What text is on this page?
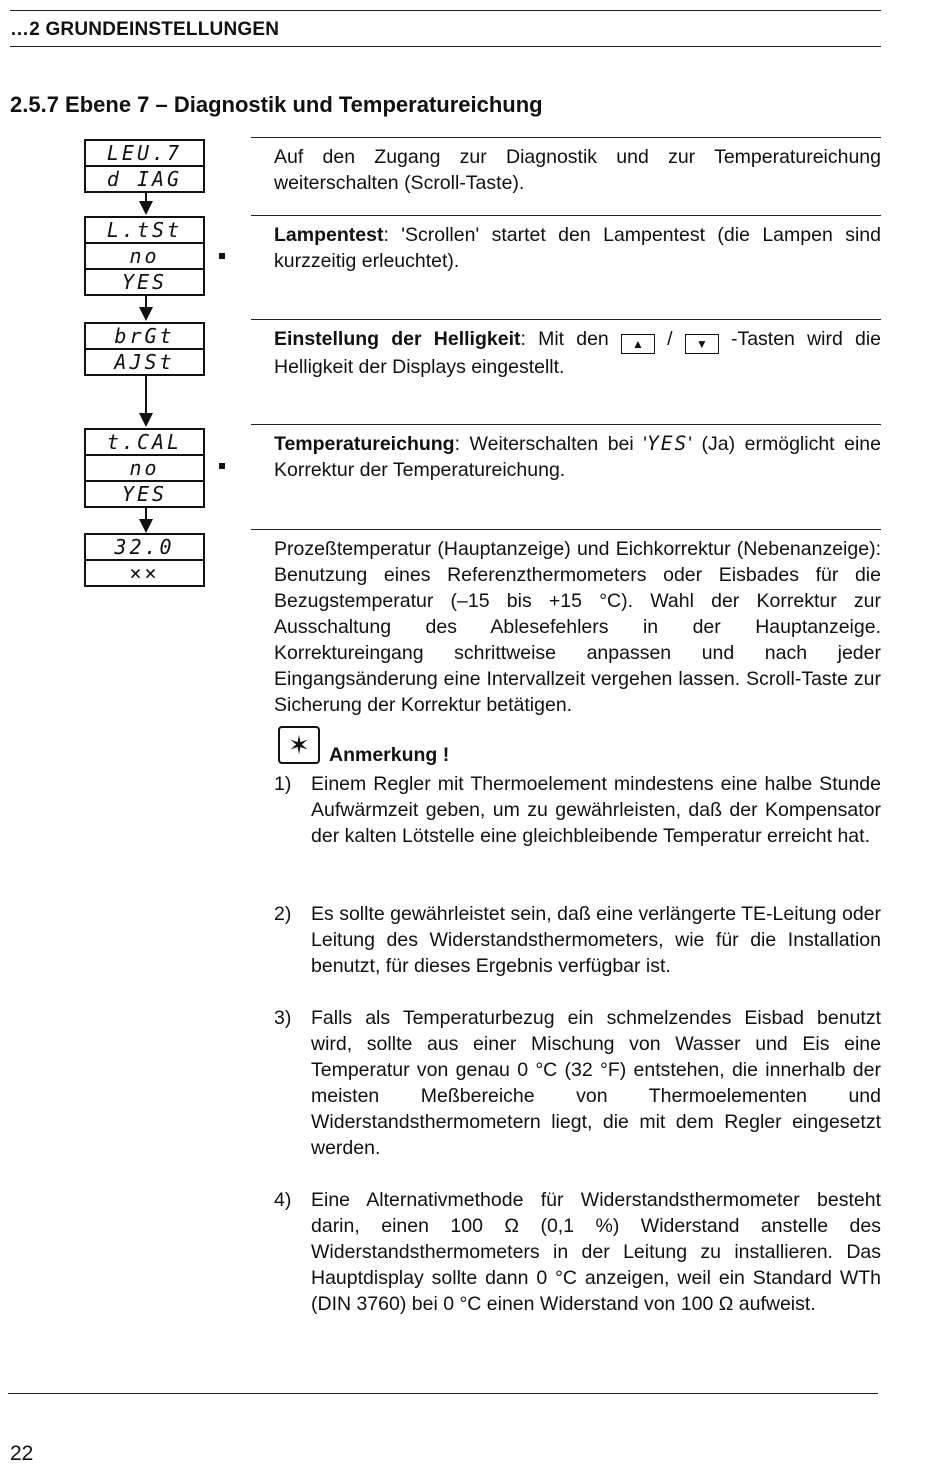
…2 GRUNDEINSTELLUNGEN
2.5.7 Ebene 7 – Diagnostik und Temperatureichung
LEU.7
d IAG
L.tSt
no
YES
brGt
AJSt
t.CAL
no
YES
32.0
××
Auf den Zugang zur Diagnostik und zur Temperatureichung weiterschalten (Scroll-Taste).
Lampentest: 'Scrollen' startet den Lampentest (die Lampen sind kurzzeitig erleuchtet).
Einstellung der Helligkeit: Mit den ▲ / ▼ -Tasten wird die Helligkeit der Displays eingestellt.
Temperatureichung: Weiterschalten bei 'YES' (Ja) ermöglicht eine Korrektur der Temperatureichung.
Prozeßtemperatur (Hauptanzeige) und Eichkorrektur (Nebenanzeige): Benutzung eines Referenzthermometers oder Eisbades für die Bezugstemperatur (–15 bis +15 °C). Wahl der Korrektur zur Ausschaltung des Ablesefehlers in der Hauptanzeige. Korrektureingang schrittweise anpassen und nach jeder Eingangsänderung eine Intervallzeit vergehen lassen. Scroll-Taste zur Sicherung der Korrektur betätigen.
✶ Anmerkung !
1) Einem Regler mit Thermoelement mindestens eine halbe Stunde Aufwärmzeit geben, um zu gewährleisten, daß der Kompensator der kalten Lötstelle eine gleichbleibende Temperatur erreicht hat.
2) Es sollte gewährleistet sein, daß eine verlängerte TE-Leitung oder Leitung des Widerstandsthermometers, wie für die Installation benutzt, für dieses Ergebnis verfügbar ist.
3) Falls als Temperaturbezug ein schmelzendes Eisbad benutzt wird, sollte aus einer Mischung von Wasser und Eis eine Temperatur von genau 0 °C (32 °F) entstehen, die innerhalb der meisten Meßbereiche von Thermoelementen und Widerstandsthermometern liegt, die mit dem Regler eingesetzt werden.
4) Eine Alternativmethode für Widerstandsthermometer besteht darin, einen 100 Ω (0,1 %) Widerstand anstelle des Widerstandsthermometers in der Leitung zu installieren. Das Hauptdisplay sollte dann 0 °C anzeigen, weil ein Standard WTh (DIN 3760) bei 0 °C einen Widerstand von 100 Ω aufweist.
22
